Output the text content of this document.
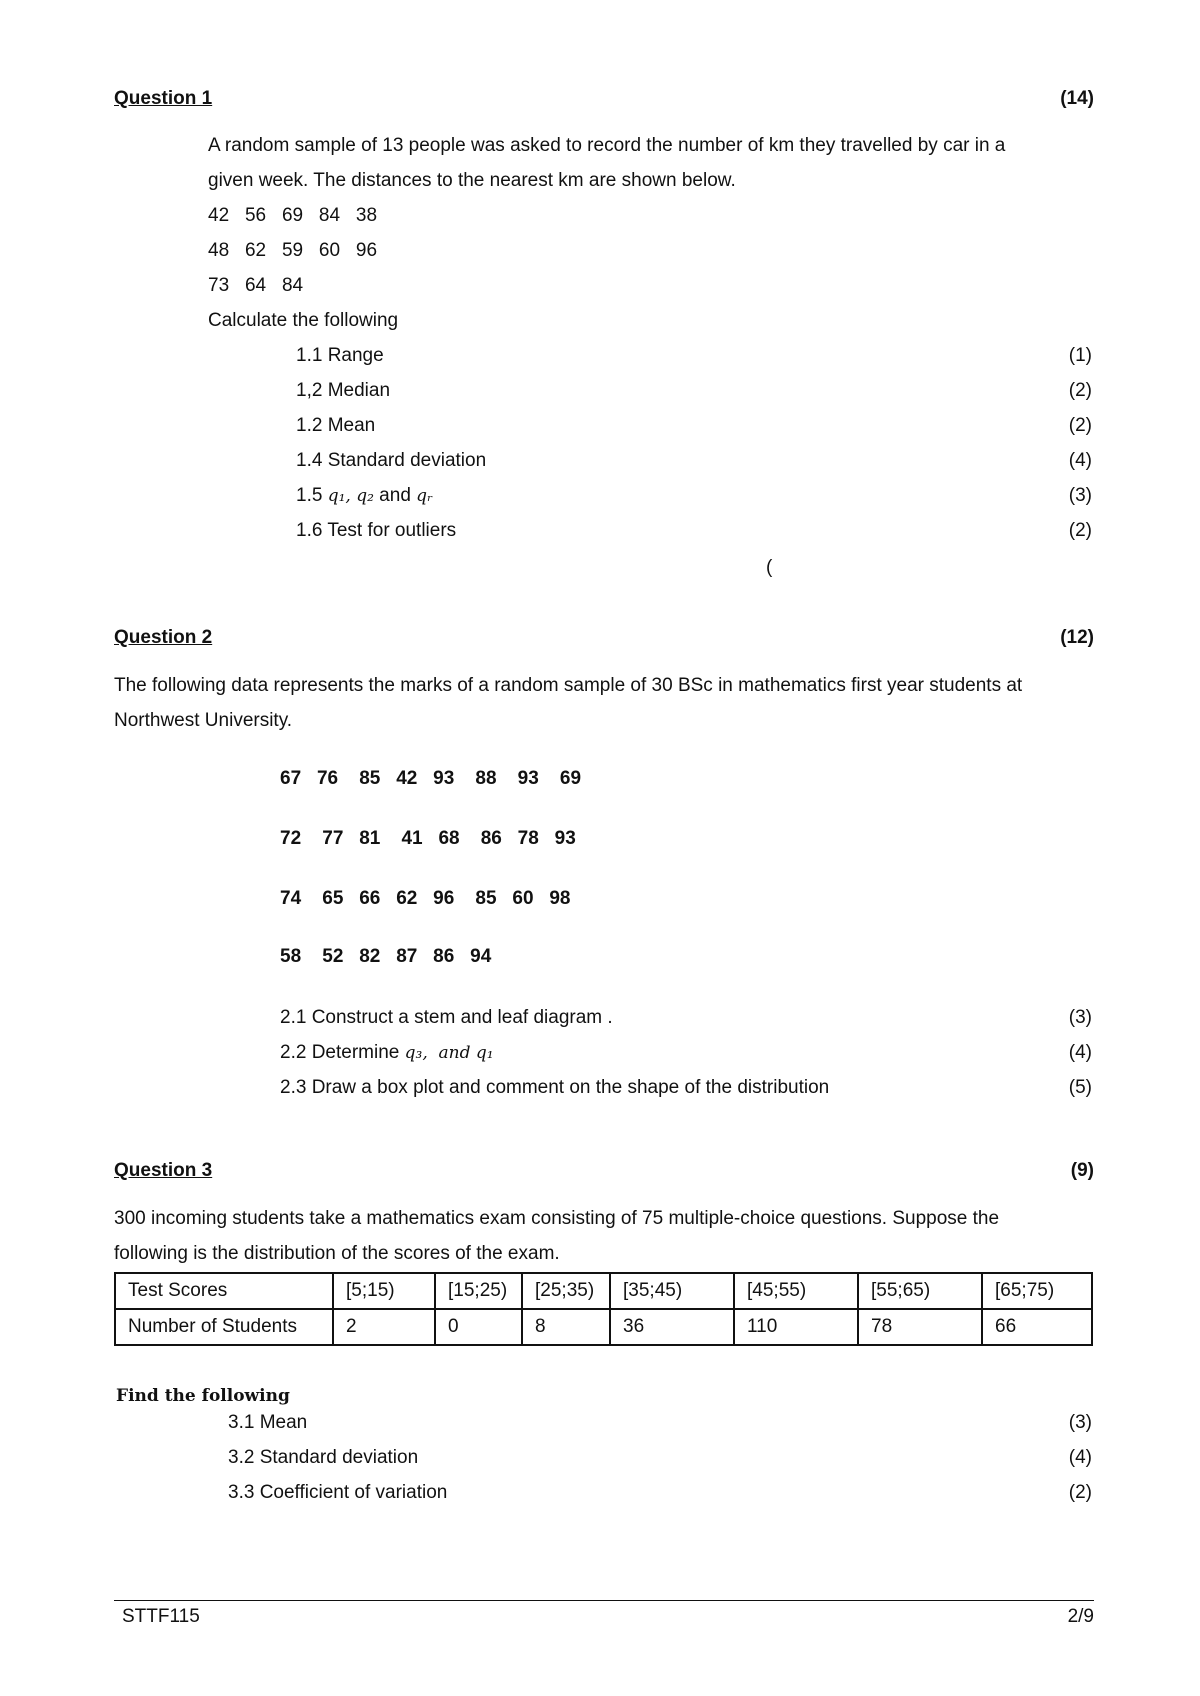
Question 1	(14)
A random sample of 13 people was asked to record the number of km they travelled by car in a
given week. The distances to the nearest km are shown below.
42   56   69   84   38
48   62   59   60   96
73   64   84
Calculate the following
1.1 Range	(1)
1,2 Median	(2)
1.2 Mean	(2)
1.4 Standard deviation	(4)
1.5 q₁, q₂ and qᵣ	(3)
1.6 Test for outliers	(2)
(
Question 2	(12)
The following data represents the marks of a random sample of 30 BSc in mathematics first year students at
Northwest University.
67   76    85   42   93    88    93    69
72    77   81    41   68    86   78   93
74    65   66   62   96    85   60   98
58    52   82   87   86   94
2.1 Construct a stem and leaf diagram .	(3)
2.2 Determine q₃,  and q₁	(4)
2.3 Draw a box plot and comment on the shape of the distribution	(5)
Question 3	(9)
300 incoming students take a mathematics exam consisting of 75 multiple-choice questions. Suppose the
following is the distribution of the scores of the exam.
Test Scores	[5;15)	[15;25)	[25;35)	[35;45)	[45;55)	[55;65)	[65;75)
Number of Students	2	0	8	36	110	78	66
Find the following
3.1 Mean	(3)
3.2 Standard deviation	(4)
3.3 Coefficient of variation	(2)
STTF115	2/9
